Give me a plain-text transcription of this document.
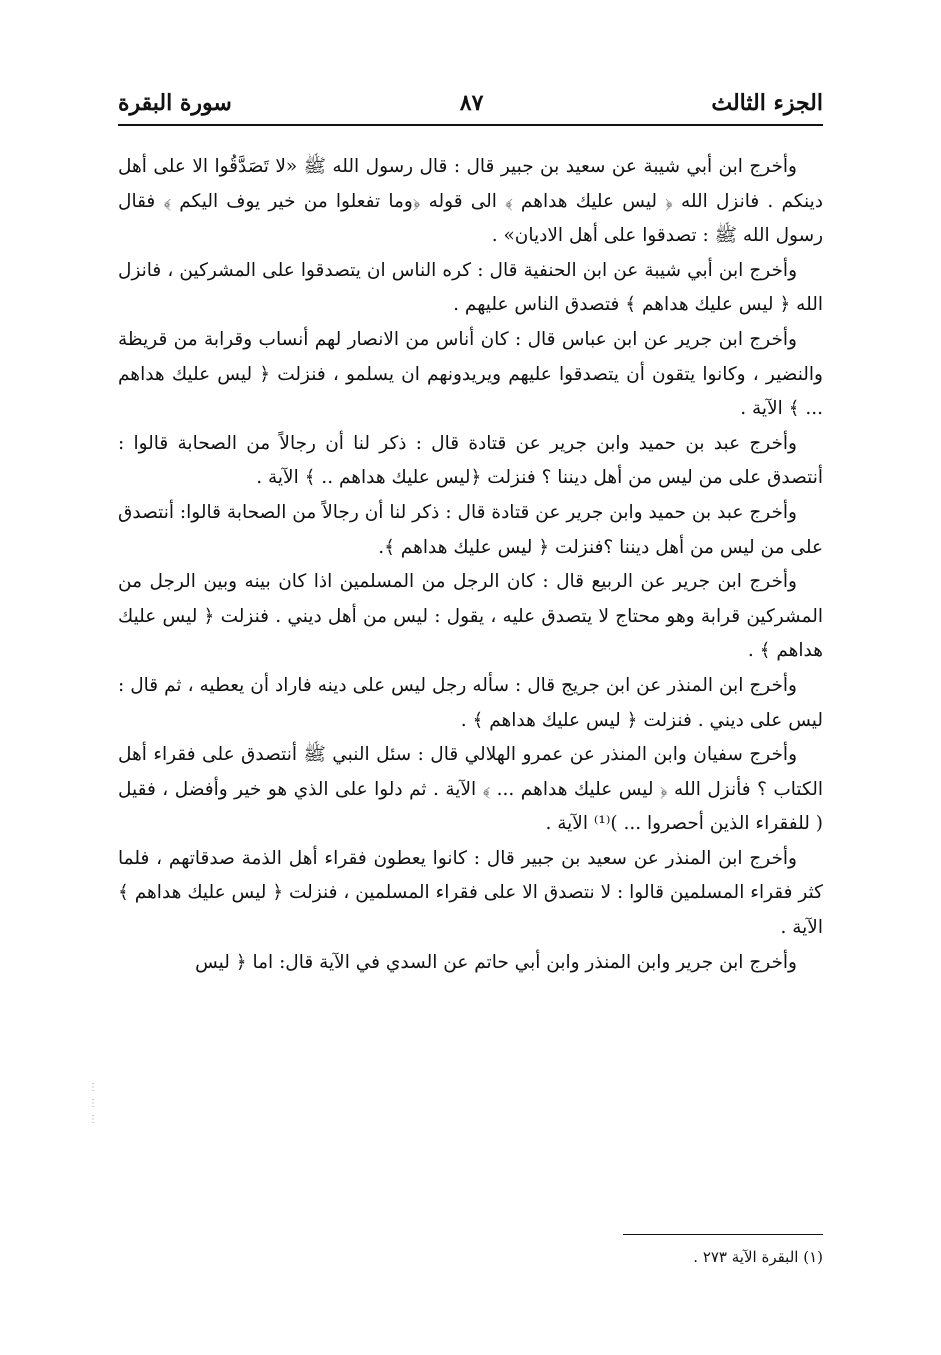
الجزء الثالث
٨٧
سورة البقرة

وأخرج ابن أبي شيبة عن سعيد بن جبير قال : قال رسول الله ﷺ «لا تَصَدَّقُوا الا على أهل دينكم . فانزل الله ﴿ ليس عليك هداهم ﴾ الى قوله ﴿وما تفعلوا من خير يوف اليكم ﴾ فقال رسول الله ﷺ : تصدقوا على أهل الاديان» .

وأخرج ابن أبي شيبة عن ابن الحنفية قال : كره الناس ان يتصدقوا على المشركين ، فانزل الله ﴿ ليس عليك هداهم ﴾ فتصدق الناس عليهم .

وأخرج ابن جرير عن ابن عباس قال : كان أناس من الانصار لهم أنساب وقرابة من قريظة والنضير ، وكانوا يتقون أن يتصدقوا عليهم ويريدونهم ان يسلمو ، فنزلت ﴿ ليس عليك هداهم ... ﴾ الآية .

وأخرج عبد بن حميد وابن جرير عن قتادة قال : ذكر لنا أن رجالاً من الصحابة قالوا : أنتصدق على من ليس من أهل ديننا ؟ فنزلت ﴿ليس عليك هداهم .. ﴾ الآية .

وأخرج عبد بن حميد وابن جرير عن قتادة قال : ذكر لنا أن رجالاً من الصحابة قالوا: أنتصدق على من ليس من أهل ديننا ؟فنزلت ﴿ ليس عليك هداهم ﴾.

وأخرج ابن جرير عن الربيع قال : كان الرجل من المسلمين اذا كان بينه وبين الرجل من المشركين قرابة وهو محتاج لا يتصدق عليه ، يقول : ليس من أهل ديني . فنزلت ﴿ ليس عليك هداهم ﴾ .

وأخرج ابن المنذر عن ابن جريج قال : سأله رجل ليس على دينه فاراد أن يعطيه ، ثم قال : ليس على ديني . فنزلت ﴿ ليس عليك هداهم ﴾ .

وأخرج سفيان وابن المنذر عن عمرو الهلالي قال : سئل النبي ﷺ أنتصدق على فقراء أهل الكتاب ؟ فأنزل الله ﴿ ليس عليك هداهم ... ﴾ الآية . ثم دلوا على الذي هو خير وأفضل ، فقيل ( للفقراء الذين أحصروا ... )⁽¹⁾ الآية .

وأخرج ابن المنذر عن سعيد بن جبير قال : كانوا يعطون فقراء أهل الذمة صدقاتهم ، فلما كثر فقراء المسلمين قالوا : لا نتصدق الا على فقراء المسلمين ، فنزلت ﴿ ليس عليك هداهم ﴾ الآية .

وأخرج ابن جرير وابن المنذر وابن أبي حاتم عن السدي في الآية قال: اما ﴿ ليس

⋮
⋮
⋮
(١) البقرة الآية ٢٧٣ .
